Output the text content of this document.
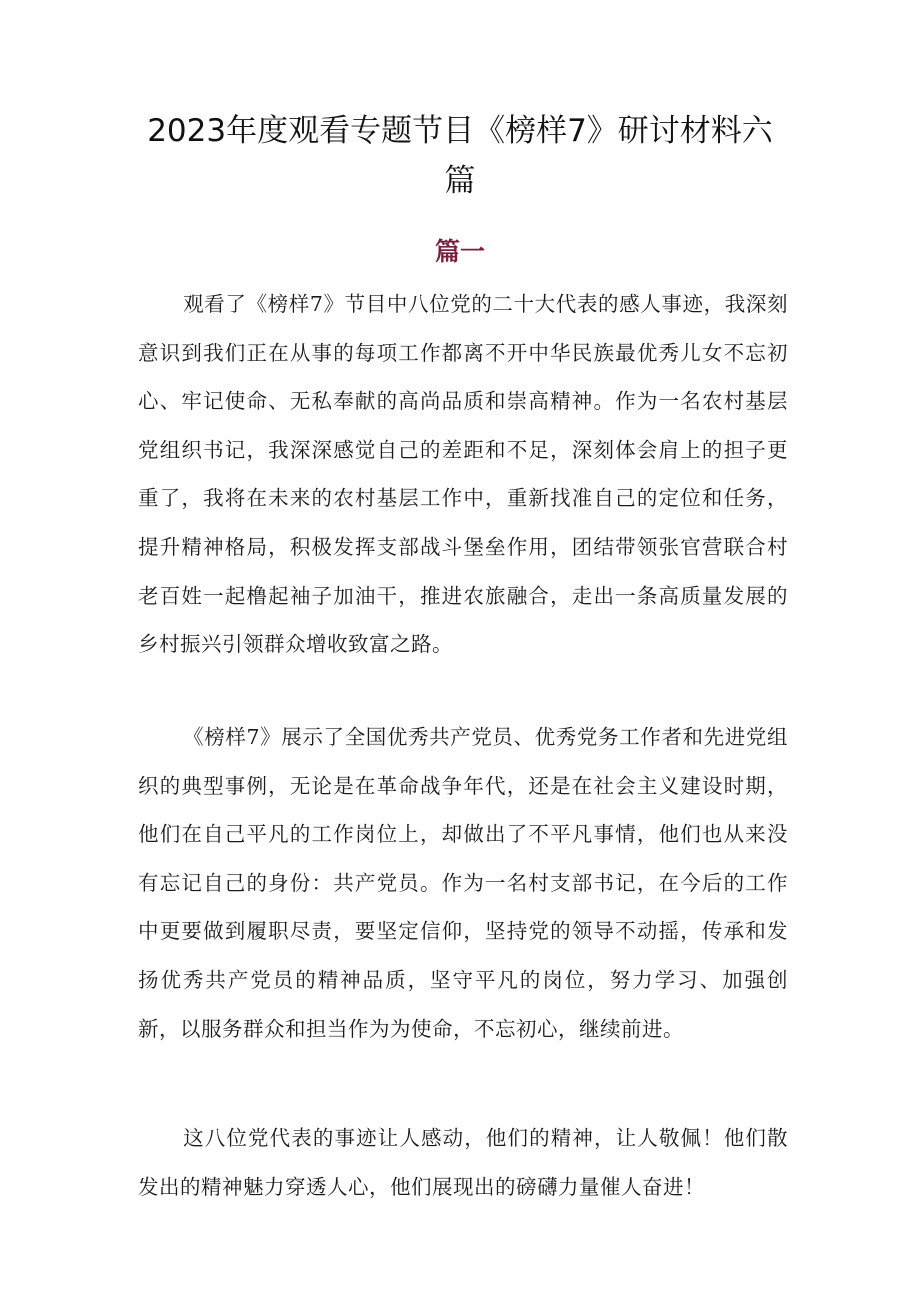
2023年度观看专题节目《榜样7》研讨材料六篇
篇一

观看了《榜样7》节目中八位党的二十大代表的感人事迹，我深刻意识到我们正在从事的每项工作都离不开中华民族最优秀儿女不忘初心、牢记使命、无私奉献的高尚品质和崇高精神。作为一名农村基层党组织书记，我深深感觉自己的差距和不足，深刻体会肩上的担子更重了，我将在未来的农村基层工作中，重新找准自己的定位和任务，提升精神格局，积极发挥支部战斗堡垒作用，团结带领张官营联合村老百姓一起橹起袖子加油干，推进农旅融合，走出一条高质量发展的乡村振兴引领群众增收致富之路。

《榜样7》展示了全国优秀共产党员、优秀党务工作者和先进党组织的典型事例，无论是在革命战争年代，还是在社会主义建设时期，他们在自己平凡的工作岗位上，却做出了不平凡事情，他们也从来没有忘记自己的身份：共产党员。作为一名村支部书记，在今后的工作中更要做到履职尽责，要坚定信仰，坚持党的领导不动摇，传承和发扬优秀共产党员的精神品质，坚守平凡的岗位，努力学习、加强创新，以服务群众和担当作为为使命，不忘初心，继续前进。

这八位党代表的事迹让人感动，他们的精神，让人敬佩！他们散发出的精神魅力穿透人心，他们展现出的磅礴力量催人奋进！
